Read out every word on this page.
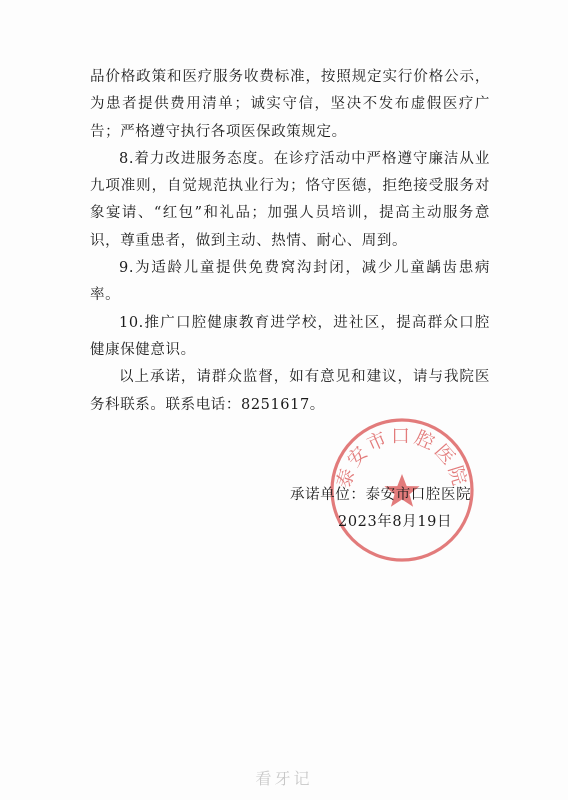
品价格政策和医疗服务收费标准，按照规定实行价格公示，为患者提供费用清单；诚实守信，坚决不发布虚假医疗广告；严格遵守执行各项医保政策规定。

8.着力改进服务态度。在诊疗活动中严格遵守廉洁从业九项准则，自觉规范执业行为；恪守医德，拒绝接受服务对象宴请、“红包”和礼品；加强人员培训，提高主动服务意识，尊重患者，做到主动、热情、耐心、周到。

9.为适龄儿童提供免费窝沟封闭，减少儿童龋齿患病率。

10.推广口腔健康教育进学校，进社区，提高群众口腔健康保健意识。

以上承诺，请群众监督，如有意见和建议，请与我院医务科联系。联系电话：8251617。

泰安市口腔医院
承诺单位：泰安市口腔医院
2023年8月19日
看牙记
